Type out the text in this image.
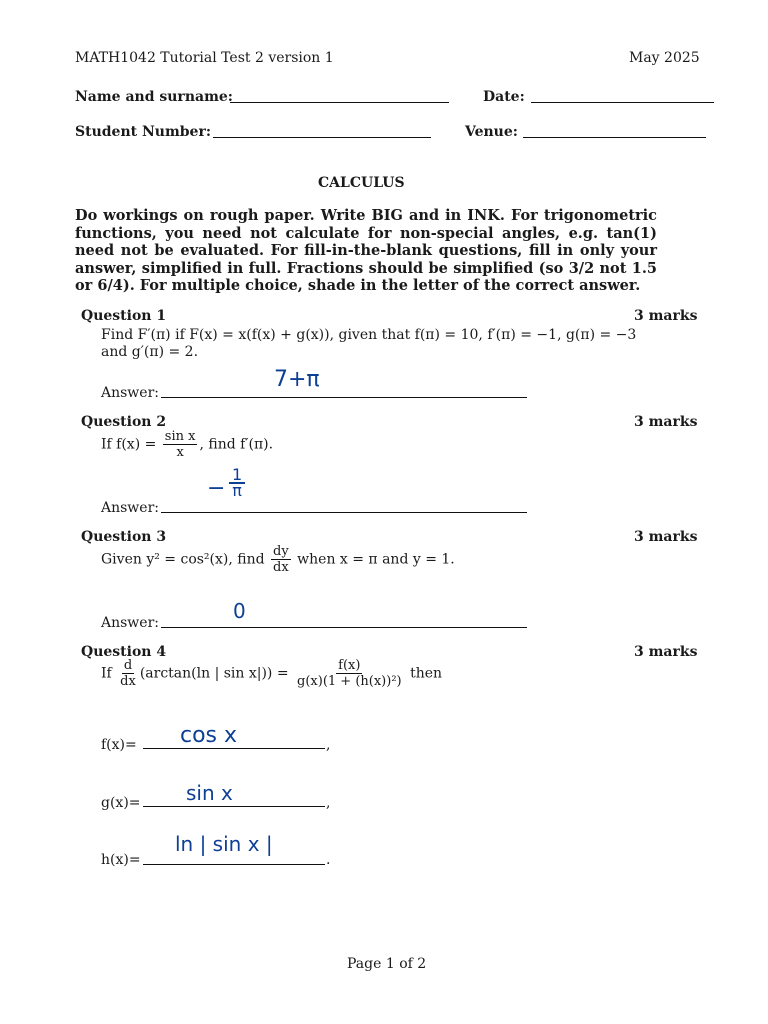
MATH1042 Tutorial Test 2 version 1	May 2025
Name and surname:	Date:
Student Number:	Venue:
CALCULUS
Do workings on rough paper. Write BIG and in INK. For trigonometric functions, you need not calculate for non-special angles, e.g. tan(1) need not be evaluated. For fill-in-the-blank questions, fill in only your answer, simplified in full. Fractions should be simplified (so 3/2 not 1.5 or 6/4). For multiple choice, shade in the letter of the correct answer.
Question 1	3 marks
Find F′(π) if F(x) = x(f(x) + g(x)), given that f(π) = 10, f′(π) = −1, g(π) = −3
and g′(π) = 2.
Answer:
7+π
Question 2	3 marks
If $f(x) = \frac{\text{sin x}}{x}$ , find f′(π).
Answer:
− $\frac{1}{\pi}$
Question 3	3 marks
Given y² = cos²(x), find $\frac{dy}{dx}$ when x = π and y = 1.
Answer:	0
Question 4	3 marks
If $\frac{d}{dx} (\arctan(\ln$ | $\sin x|)) = \frac{f(x)}{\text{g(x)(1 + (h(x))²)}}$ then
f(x)=	,
cos x
g(x)=	,
sin x
h(x)=	.
ln | sin x |
Page 1 of 2
